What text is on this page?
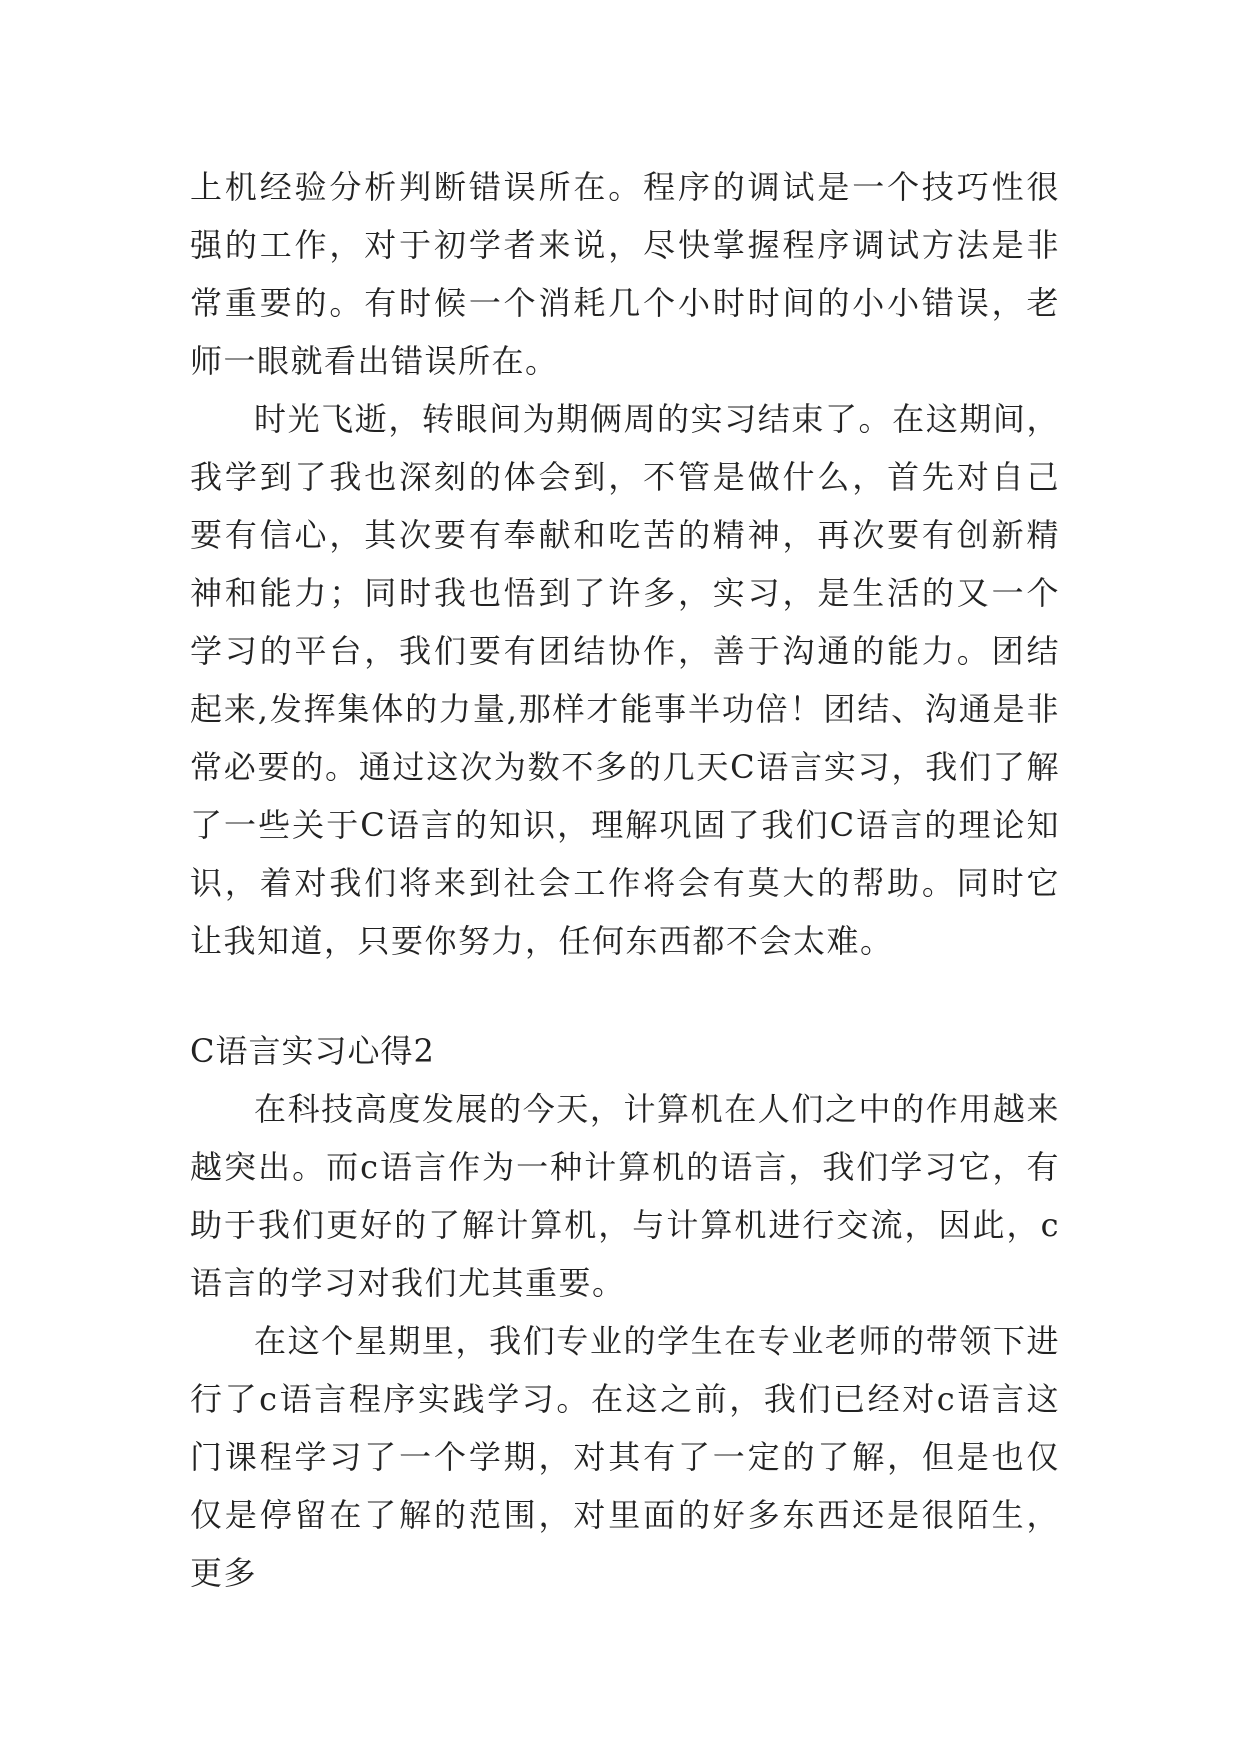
上机经验分析判断错误所在。程序的调试是一个技巧性很强的工作，对于初学者来说，尽快掌握程序调试方法是非常重要的。有时候一个消耗几个小时时间的小小错误，老师一眼就看出错误所在。

时光飞逝，转眼间为期俩周的实习结束了。在这期间，我学到了我也深刻的体会到，不管是做什么，首先对自己要有信心，其次要有奉献和吃苦的精神，再次要有创新精神和能力；同时我也悟到了许多，实习，是生活的又一个学习的平台，我们要有团结协作，善于沟通的能力。团结起来,发挥集体的力量,那样才能事半功倍！团结、沟通是非常必要的。通过这次为数不多的几天C语言实习，我们了解了一些关于C语言的知识，理解巩固了我们C语言的理论知识，着对我们将来到社会工作将会有莫大的帮助。同时它让我知道，只要你努力，任何东西都不会太难。

C语言实习心得2

在科技高度发展的今天，计算机在人们之中的作用越来越突出。而c语言作为一种计算机的语言，我们学习它，有助于我们更好的了解计算机，与计算机进行交流，因此，c语言的学习对我们尤其重要。

在这个星期里，我们专业的学生在专业老师的带领下进行了c语言程序实践学习。在这之前，我们已经对c语言这门课程学习了一个学期，对其有了一定的了解，但是也仅仅是停留在了解的范围，对里面的好多东西还是很陌生，更多
